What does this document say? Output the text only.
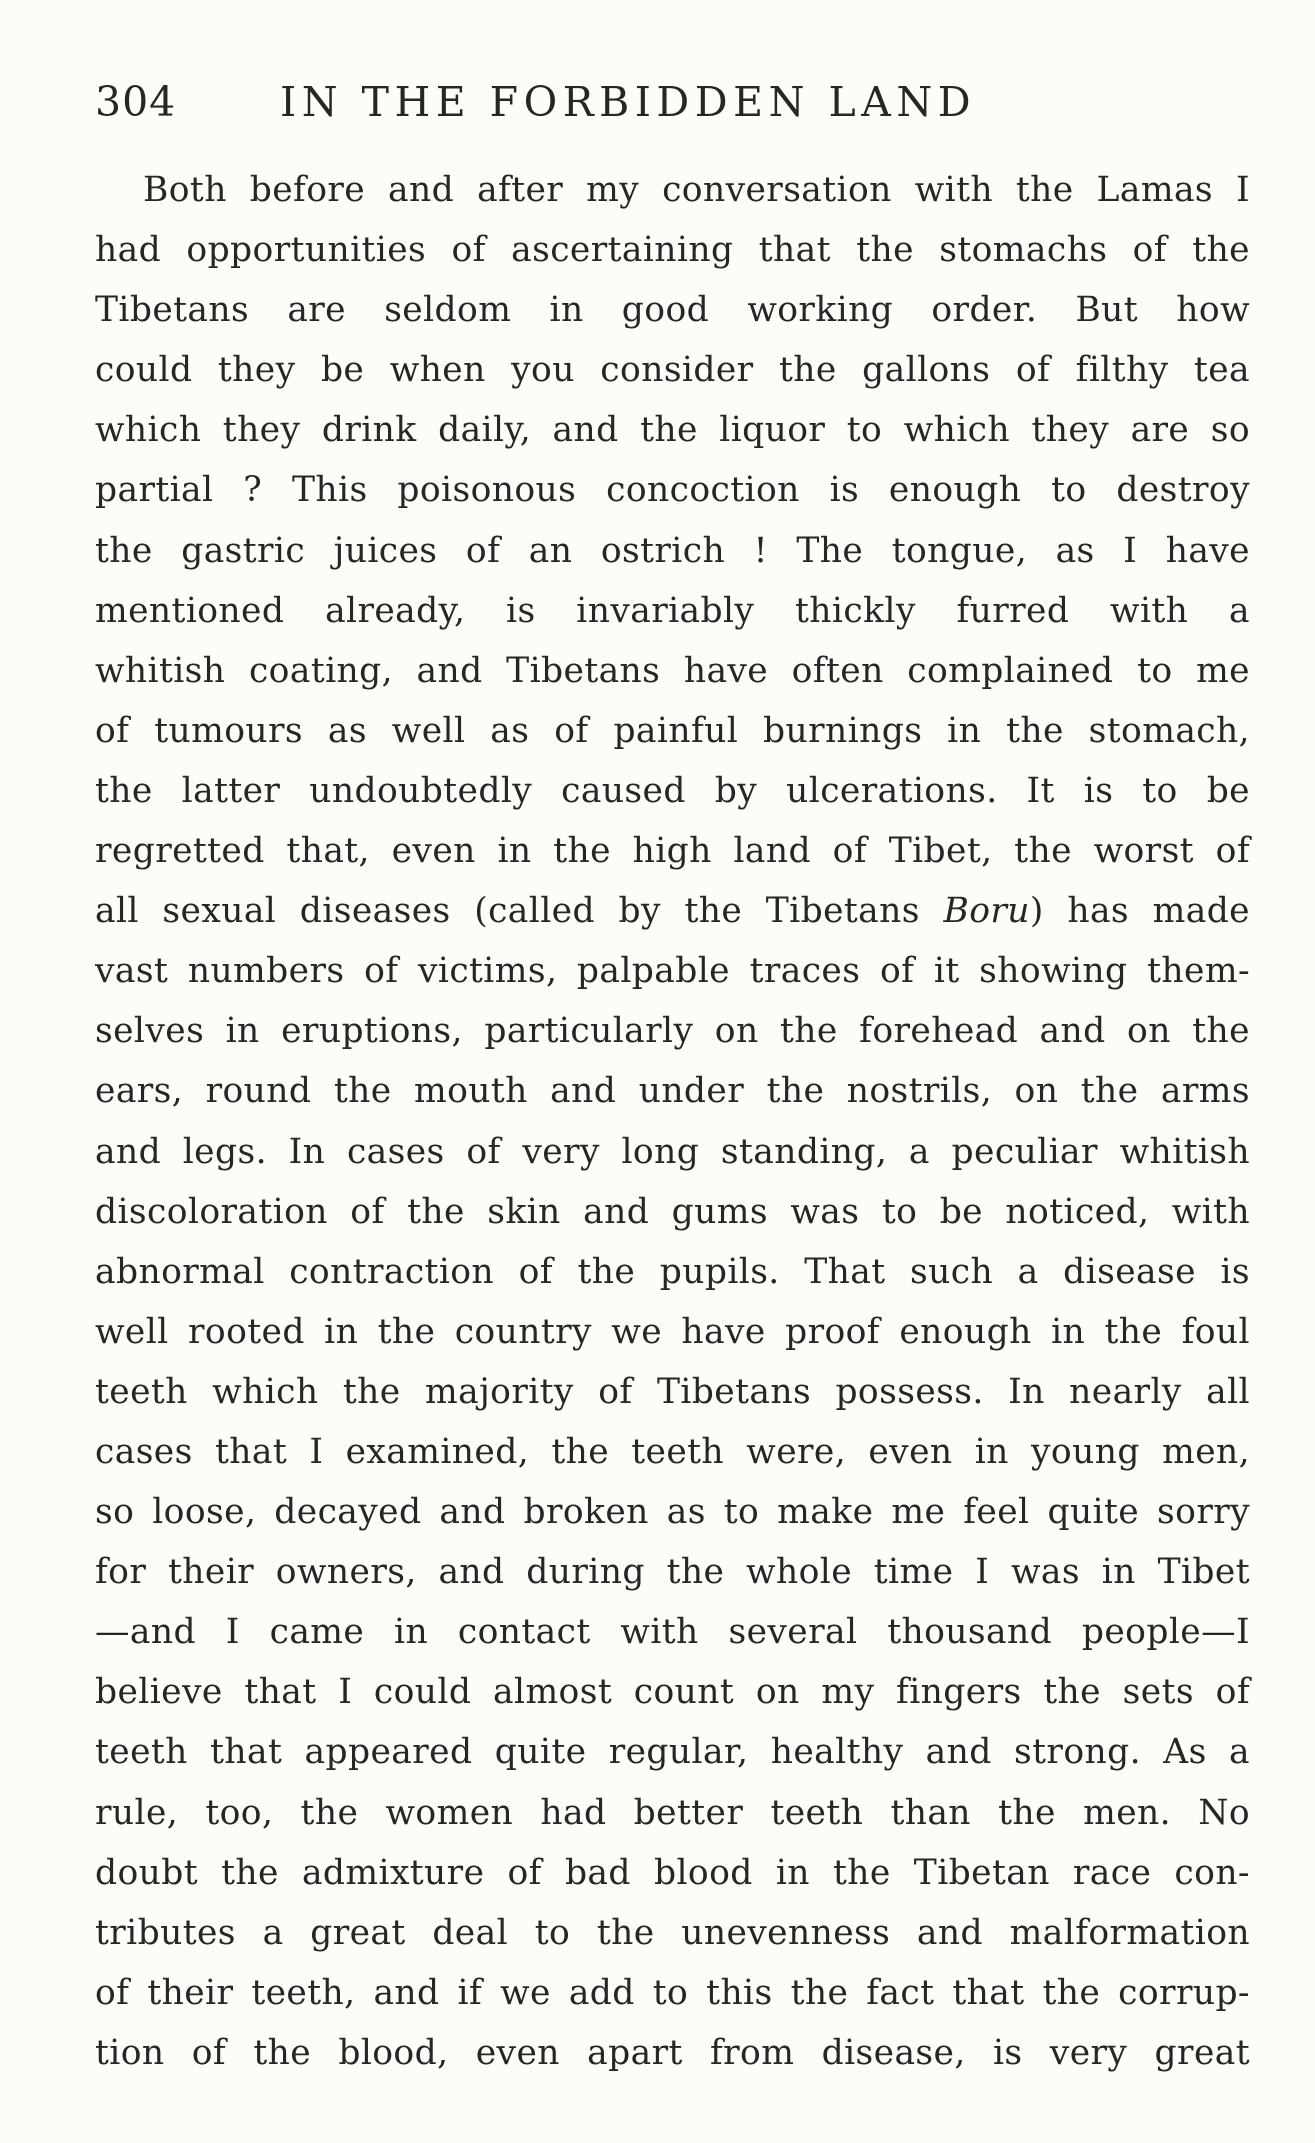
304	IN THE FORBIDDEN LAND
Both before and after my conversation with the Lamas I
had opportunities of ascertaining that the stomachs of the
Tibetans are seldom in good working order. But how
could they be when you consider the gallons of filthy tea
which they drink daily, and the liquor to which they are so
partial ? This poisonous concoction is enough to destroy
the gastric juices of an ostrich ! The tongue, as I have
mentioned already, is invariably thickly furred with a
whitish coating, and Tibetans have often complained to me
of tumours as well as of painful burnings in the stomach,
the latter undoubtedly caused by ulcerations. It is to be
regretted that, even in the high land of Tibet, the worst of
all sexual diseases (called by the Tibetans Boru) has made
vast numbers of victims, palpable traces of it showing them-
selves in eruptions, particularly on the forehead and on the
ears, round the mouth and under the nostrils, on the arms
and legs. In cases of very long standing, a peculiar whitish
discoloration of the skin and gums was to be noticed, with
abnormal contraction of the pupils. That such a disease is
well rooted in the country we have proof enough in the foul
teeth which the majority of Tibetans possess. In nearly all
cases that I examined, the teeth were, even in young men,
so loose, decayed and broken as to make me feel quite sorry
for their owners, and during the whole time I was in Tibet
—and I came in contact with several thousand people—I
believe that I could almost count on my fingers the sets of
teeth that appeared quite regular, healthy and strong. As a
rule, too, the women had better teeth than the men. No
doubt the admixture of bad blood in the Tibetan race con-
tributes a great deal to the unevenness and malformation
of their teeth, and if we add to this the fact that the corrup-
tion of the blood, even apart from disease, is very great
